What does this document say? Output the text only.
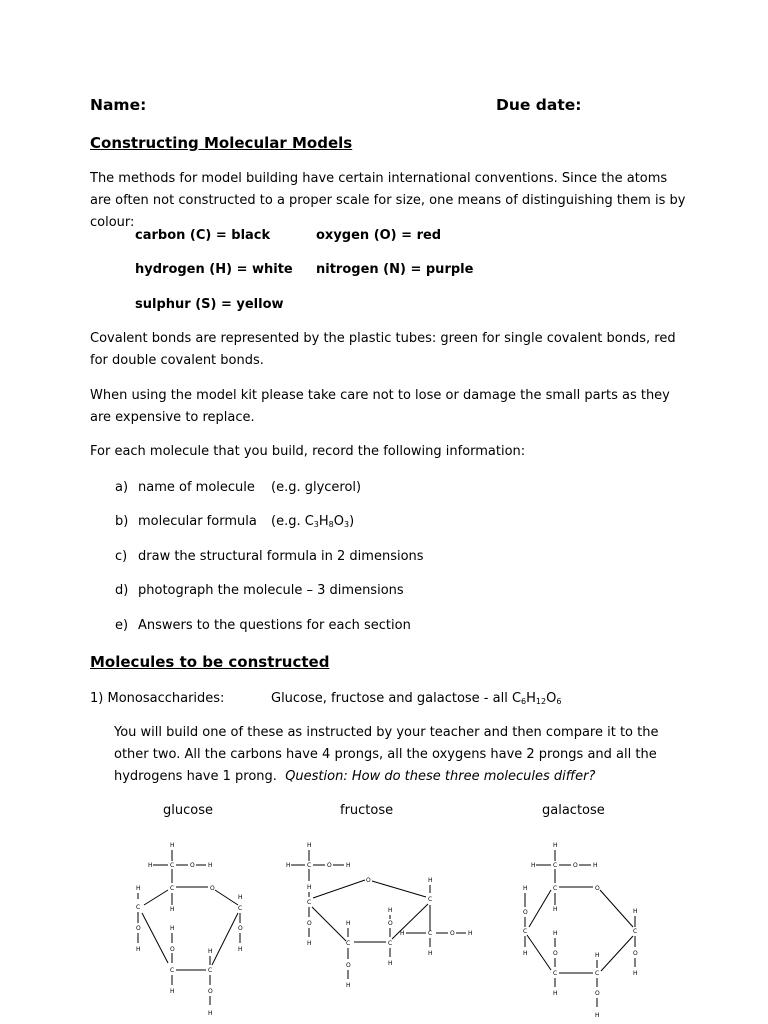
Name:	Due date:
Constructing Molecular Models
The methods for model building have certain international conventions. Since the atoms are often not constructed to a proper scale for size, one means of distinguishing them is by colour:
carbon (C) = black	oxygen (O) = red
hydrogen (H) = white nitrogen (N) = purple
sulphur (S) = yellow
Covalent bonds are represented by the plastic tubes: green for single covalent bonds, red for double covalent bonds.
When using the model kit please take care not to lose or damage the small parts as they are expensive to replace.
For each molecule that you build, record the following information:
a) name of molecule (e.g. glycerol)
b) molecular formula (e.g. $C_3H_8O_3$)
c) draw the structural formula in 2 dimensions
d) photograph the molecule – 3 dimensions
e) Answers to the questions for each section
Molecules to be constructed
1) Monosaccharides:	Glucose, fructose and galactose - all $C_6H_{12}O_6$
You will build one of these as instructed by your teacher and then compare it to the other two. All the carbons have 4 prongs, all the oxygens have 2 prongs and all the hydrogens have 1 prong. Question: How do these three molecules differ?
glucose	fructose	galactose
H
H	C	O H
C	O
H
H
C
O
H
C
H
O
H
H
O
C	C
H
H	O
H
H
H	C	O H
H
C
O
O
H
C
H
C
H	O H
H
O
H
C
C
H
O
H
H
H
H	C	O	H
C	O
H
H
O
C
H
C
H
O
H
H
O
C	C
H
H	O
H
